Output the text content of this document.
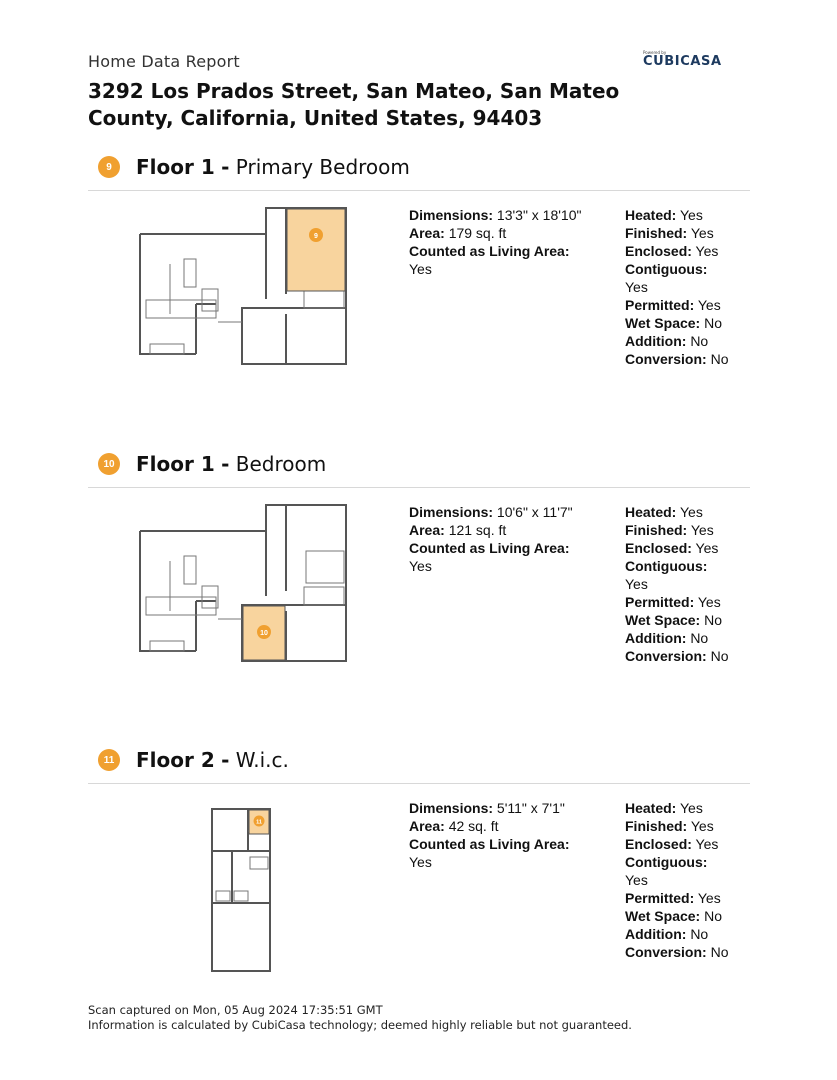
Home Data Report	Powered by
CUBICASA
3292 Los Prados Street, San Mateo, San Mateo County, California, United States, 94403
9	Floor 1 - Primary Bedroom
9
Dimensions: 13'3" x 18'10"
Area: 179 sq. ft
Counted as Living Area:
Yes
Heated: Yes
Finished: Yes
Enclosed: Yes
Contiguous:
Yes
Permitted: Yes
Wet Space: No
Addition: No
Conversion: No
10 Floor 1 - Bedroom
10
Dimensions: 10'6" x 11'7"
Area: 121 sq. ft
Counted as Living Area:
Yes
Heated: Yes
Finished: Yes
Enclosed: Yes
Contiguous:
Yes
Permitted: Yes
Wet Space: No
Addition: No
Conversion: No
11 Floor 2 - W.i.c.
11
Dimensions: 5'11" x 7'1"
Area: 42 sq. ft
Counted as Living Area:
Yes
Heated: Yes
Finished: Yes
Enclosed: Yes
Contiguous:
Yes
Permitted: Yes
Wet Space: No
Addition: No
Conversion: No
Scan captured on Mon, 05 Aug 2024 17:35:51 GMT
Information is calculated by CubiCasa technology; deemed highly reliable but not guaranteed.
